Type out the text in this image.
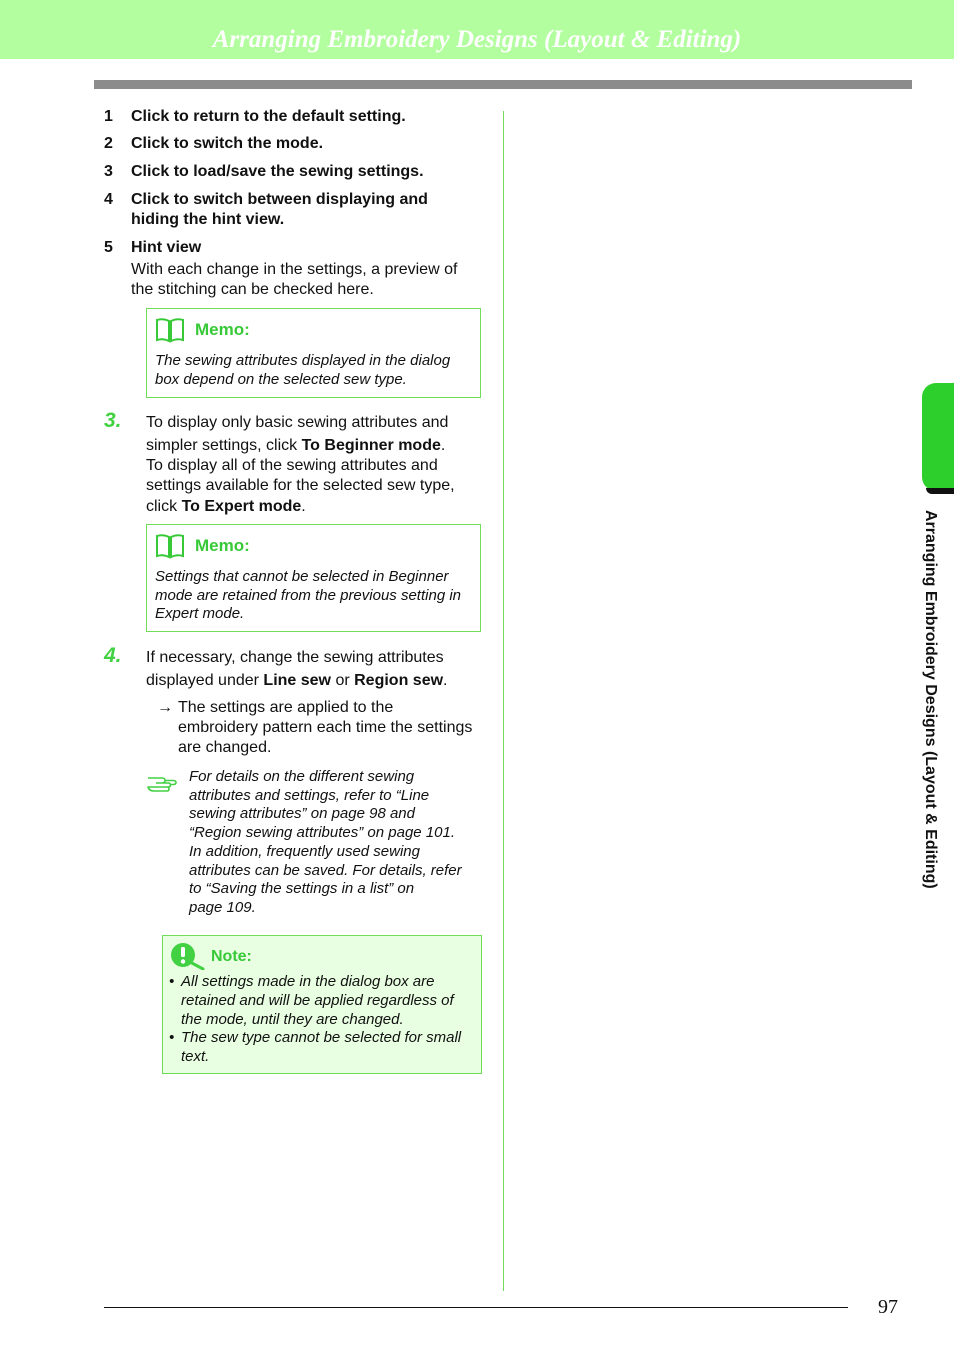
Arranging Embroidery Designs (Layout & Editing)
Arranging Embroidery Designs (Layout & Editing)
1 Click to return to the default setting.
2 Click to switch the mode.
3 Click to load/save the sewing settings.
4 Click to switch between displaying and
hiding the hint view.
5 Hint view
With each change in the settings, a preview of
the stitching can be checked here.
Memo:
The sewing attributes displayed in the dialog
box depend on the selected sew type.
3. To display only basic sewing attributes and
simpler settings, click To Beginner mode.
To display all of the sewing attributes and
settings available for the selected sew type,
click To Expert mode.
Memo:
Settings that cannot be selected in Beginner
mode are retained from the previous setting in
Expert mode.
4. If necessary, change the sewing attributes
displayed under Line sew or Region sew.
→ The settings are applied to the
embroidery pattern each time the settings
are changed.
For details on the different sewing
attributes and settings, refer to “Line
sewing attributes” on page 98 and
“Region sewing attributes” on page 101.
In addition, frequently used sewing
attributes can be saved. For details, refer
to “Saving the settings in a list” on
page 109.
Note:
• All settings made in the dialog box are
retained and will be applied regardless of
the mode, until they are changed.
• The sew type cannot be selected for small
text.
97
